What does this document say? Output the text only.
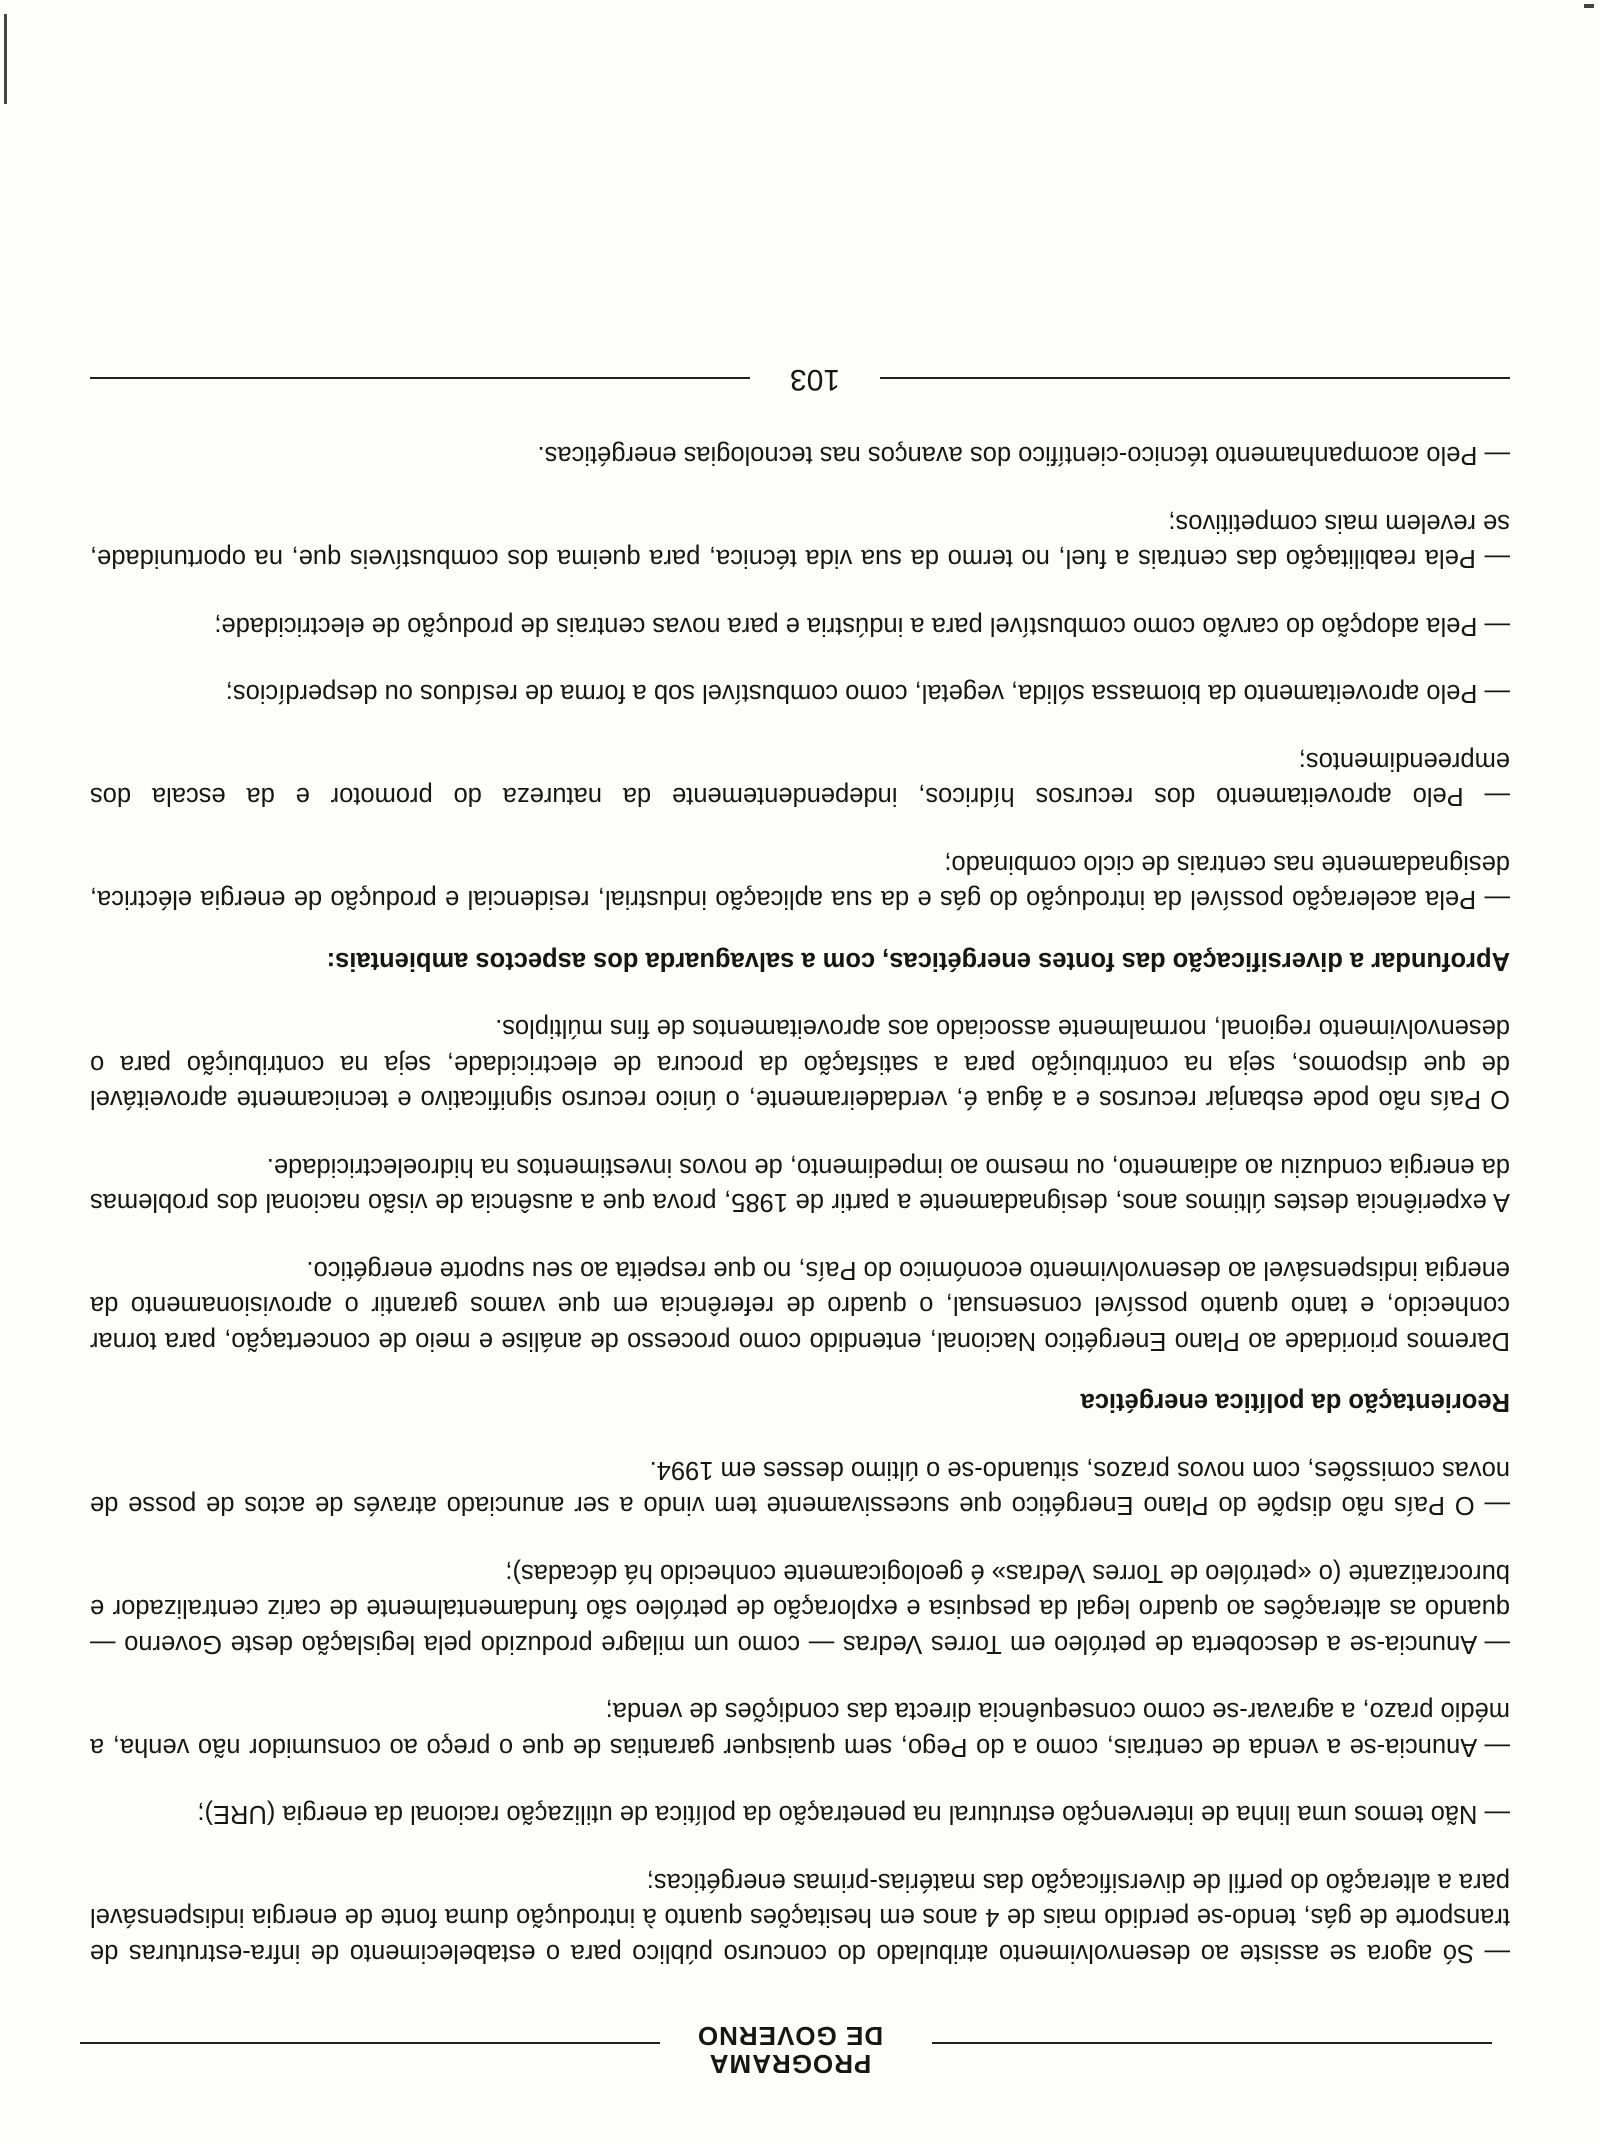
PROGRAMA
DE GOVERNO

— Só agora se assiste ao desenvolvimento atribulado do concurso público para o estabelecimento de infra-estruturas de transporte de gás, tendo-se perdido mais de 4 anos em hesitações quanto à introdução duma fonte de energia indispensável para a alteração do perfil de diversificação das matérias-primas energéticas;

— Não temos uma linha de intervenção estrutural na penetração da política de utilização racional da energia (URE);

— Anuncia-se a venda de centrais, como a do Pego, sem quaisquer garantias de que o preço ao consumidor não venha, a médio prazo, a agravar-se como consequência directa das condições de venda;

— Anuncia-se a descoberta de petróleo em Torres Vedras — como um milagre produzido pela legislação deste Governo — quando as alterações ao quadro legal da pesquisa e exploração de petróleo são fundamentalmente de cariz centralizador e burocratizante (o «petróleo de Torres Vedras» é geologicamente conhecido há décadas);

— O País não dispõe do Plano Energético que sucessivamente tem vindo a ser anunciado através de actos de posse de novas comissões, com novos prazos, situando-se o último desses em 1994.

Reorientação da política energética

Daremos prioridade ao Plano Energético Nacional, entendido como processo de análise e meio de concertação, para tornar conhecido, e tanto quanto possível consensual, o quadro de referência em que vamos garantir o aprovisionamento da energia indispensável ao desenvolvimento económico do País, no que respeita ao seu suporte energético.

A experiência destes últimos anos, designadamente a partir de 1985, prova que a ausência de visão nacional dos problemas da energia conduziu ao adiamento, ou mesmo ao impedimento, de novos investimentos na hidroelectricidade.

O País não pode esbanjar recursos e a água é, verdadeiramente, o único recurso significativo e tecnicamente aproveitável de que dispomos, seja na contribuição para a satisfação da procura de electricidade, seja na contribuição para o desenvolvimento regional, normalmente associado aos aproveitamentos de fins múltiplos.

Aprofundar a diversificação das fontes energéticas, com a salvaguarda dos aspectos ambientais:

— Pela aceleração possível da introdução do gás e da sua aplicação industrial, residencial e produção de energia eléctrica, designadamente nas centrais de ciclo combinado;

— Pelo aproveitamento dos recursos hídricos, independentemente da natureza do promotor e da escala dos empreendimentos;

— Pelo aproveitamento da biomassa sólida, vegetal, como combustível sob a forma de resíduos ou desperdícios;

— Pela adopção do carvão como combustível para a indústria e para novas centrais de produção de electricidade;

— Pela reabilitação das centrais a fuel, no termo da sua vida técnica, para queima dos combustíveis que, na oportunidade, se revelem mais competitivos;

— Pelo acompanhamento técnico-científico dos avanços nas tecnologias energéticas.

103
